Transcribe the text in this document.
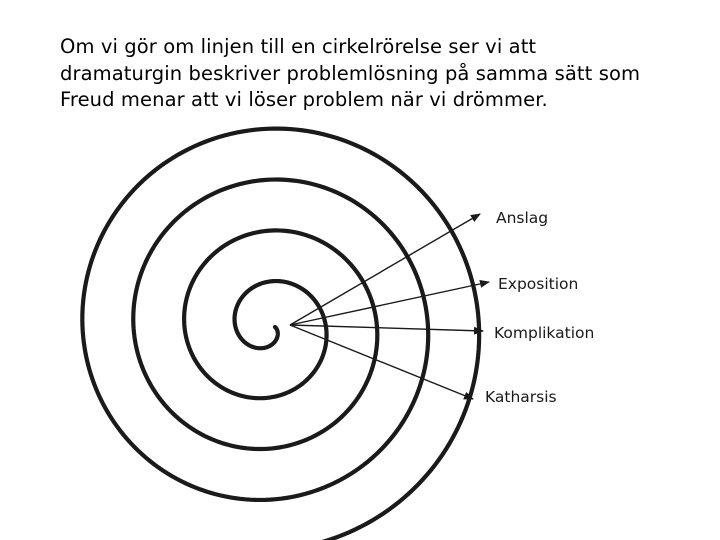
Om vi gör om linjen till en cirkelrörelse ser vi att
dramaturgin beskriver problemlösning på samma sätt som
Freud menar att vi löser problem när vi drömmer.
Anslag
Exposition
Komplikation
Katharsis
